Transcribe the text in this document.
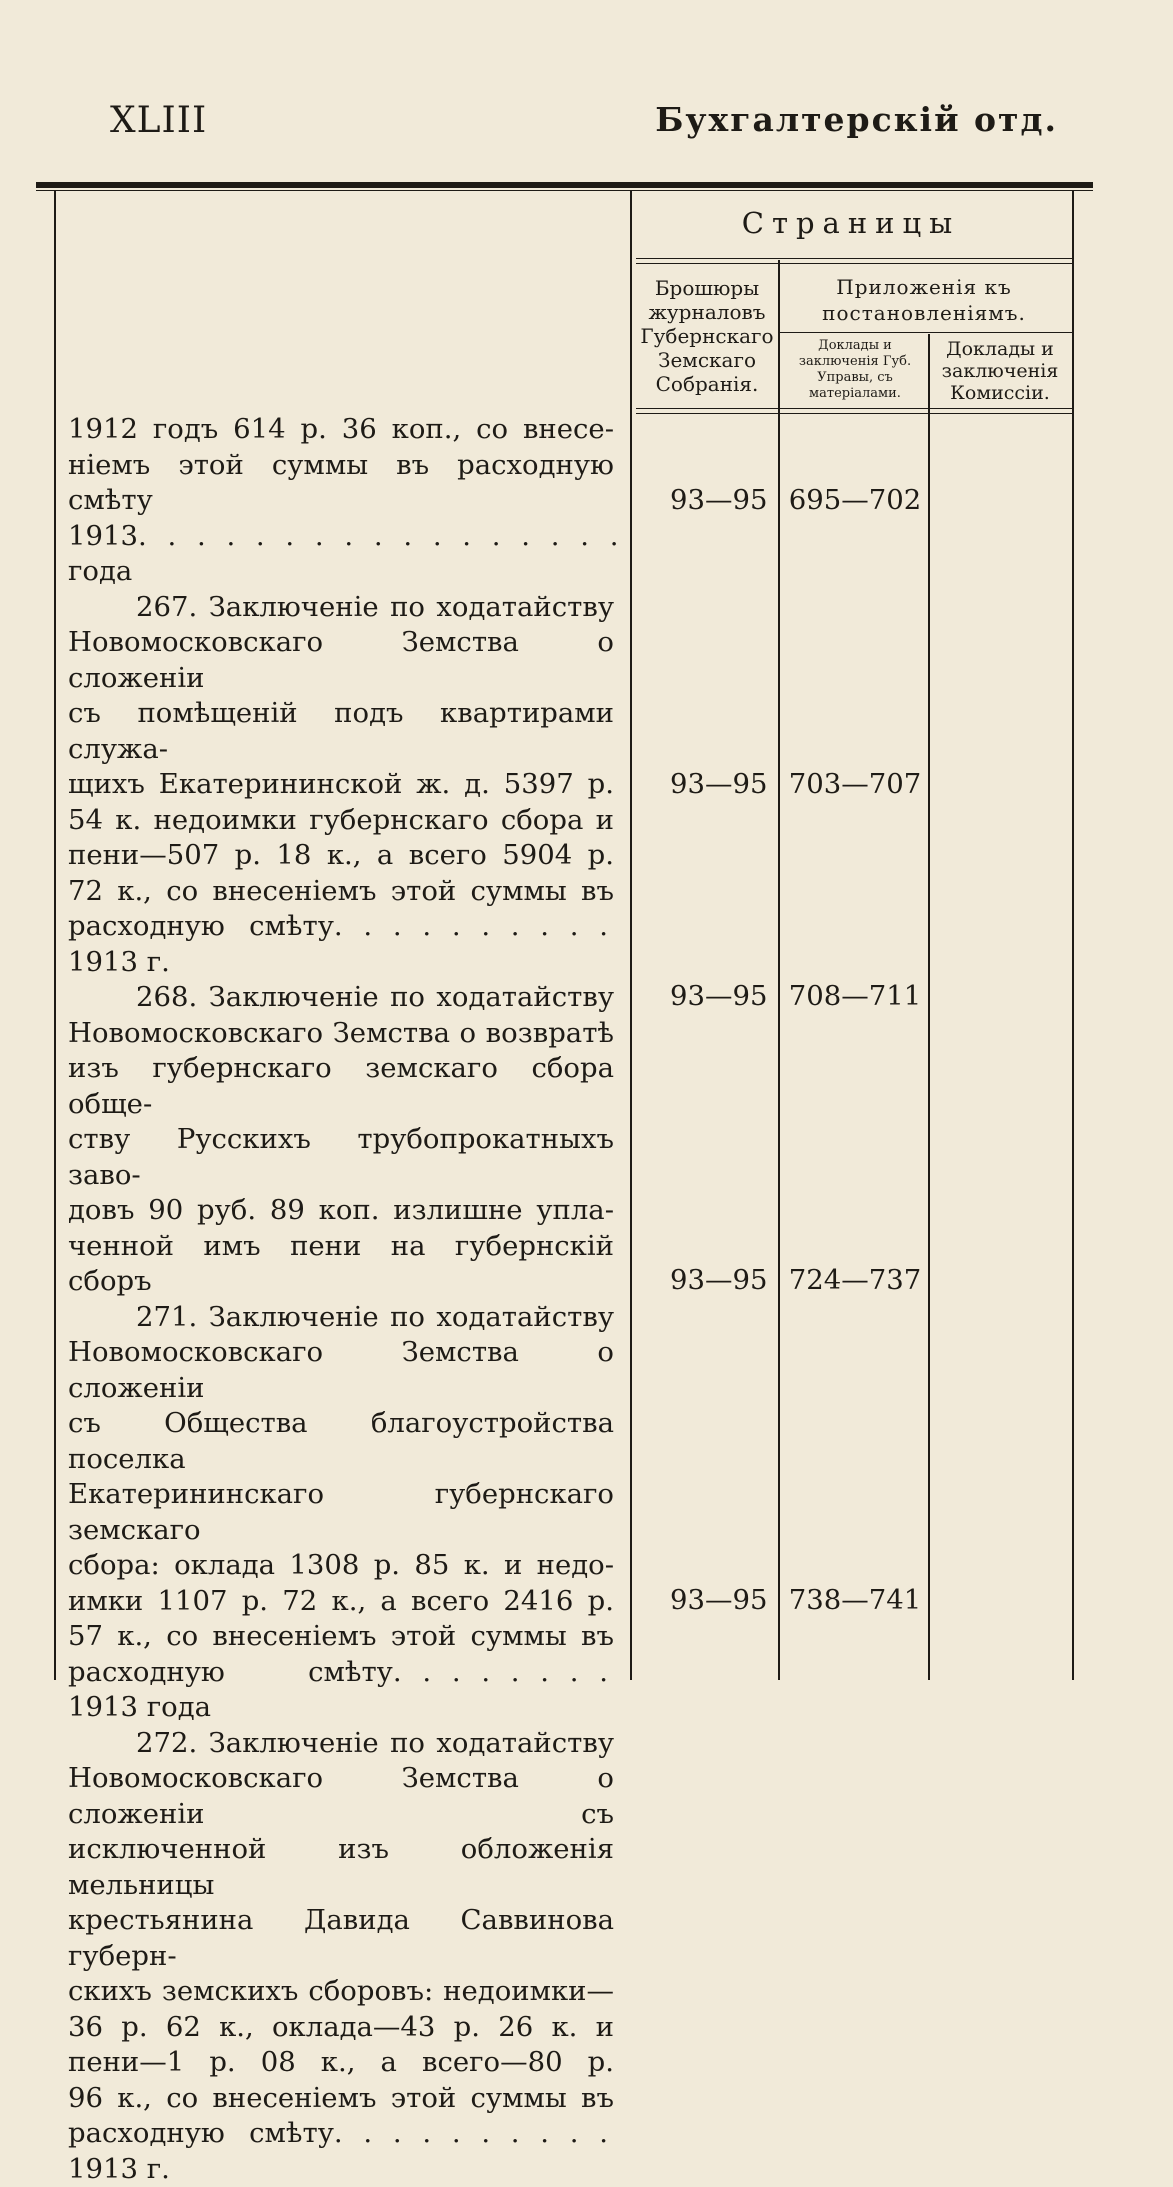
XLIII	Бухгалтерскій отд.
Страницы
Брошюры журналовъ Губернскаго Земскаго Собранія.
Приложенія къ постановленіямъ.
Доклады и заключенія Губ. Управы, съ матеріалами.
Доклады и заключенія Комиссіи.

1912 годъ 614 р. 36 коп., со внесе-

ніемъ этой суммы въ расходную смѣту

1913 года
. . . . . . . . . . . . . . . . .

267. Заключеніе по ходатайству

Новомосковскаго Земства о сложеніи

съ помѣщеній подъ квартирами служа-

щихъ Екатерининской ж. д. 5397 р.

54 к. недоимки губернскаго сбора и

пени—507 р. 18 к., а всего 5904 р.

72 к., со внесеніемъ этой суммы въ

расходную смѣту 1913 г.
. . . . . . . . . .

268. Заключеніе по ходатайству

Новомосковскаго Земства о возвратѣ

изъ губернскаго земскаго сбора обще-

ству Русскихъ трубопрокатныхъ заво-

довъ 90 руб. 89 коп. излишне упла-

ченной имъ пени на губернскій сборъ

271. Заключеніе по ходатайству

Новомосковскаго Земства о сложеніи

съ Общества благоустройства поселка

Екатерининскаго губернскаго земскаго

сбора: оклада 1308 р. 85 к. и недо-

имки 1107 р. 72 к., а всего 2416 р.

57 к., со внесеніемъ этой суммы въ

расходную смѣту 1913 года
. . . . . . . .

272. Заключеніе по ходатайству

Новомосковскаго Земства о сложеніи съ

исключенной изъ обложенія мельницы

крестьянина Давида Саввинова губерн-

скихъ земскихъ сборовъ: недоимки—

36 р. 62 к., оклада—43 р. 26 к. и

пени—1 р. 08 к., а всего—80 р.

96 к., со внесеніемъ этой суммы въ

расходную смѣту 1913 г.
. . . . . . . . . .

93—95 695—702
93—95 703—707
93—95 708—711
93—95 724—737
93—95 738—741
